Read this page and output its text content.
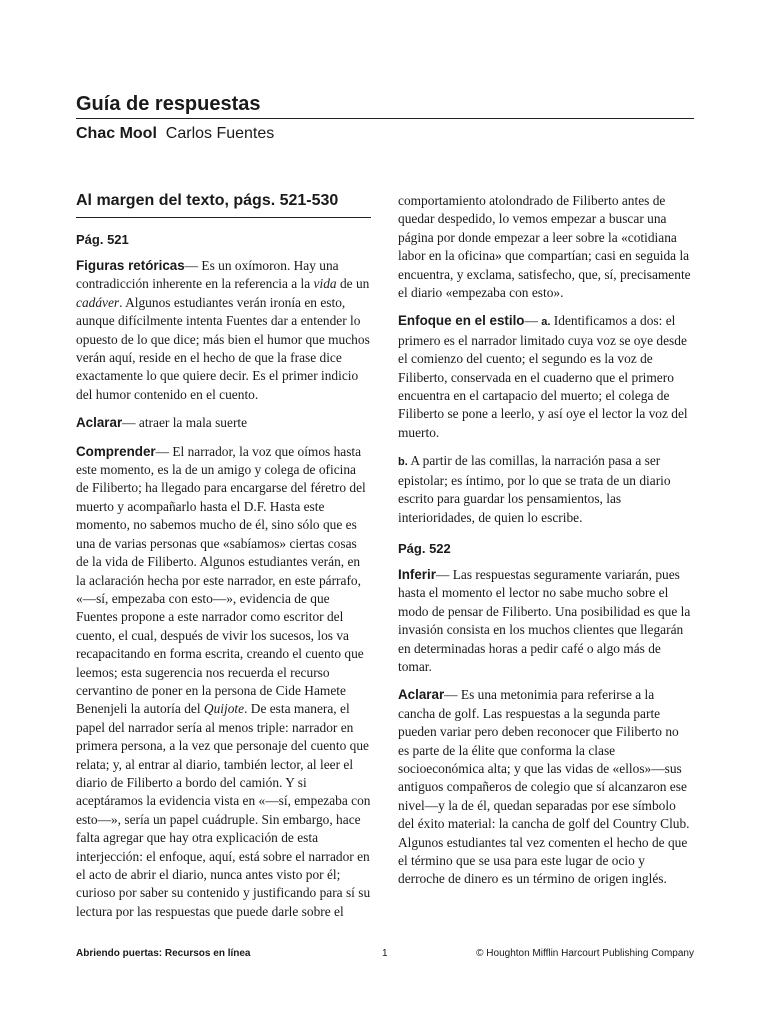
Guía de respuestas
Chac Mool Carlos Fuentes
Al margen del texto, págs. 521-530
Pág. 521

Figuras retóricas— Es un oxímoron. Hay una contradicción inherente en la referencia a la vida de un cadáver. Algunos estudiantes verán ironía en esto, aunque difícilmente intenta Fuentes dar a entender lo opuesto de lo que dice; más bien el humor que muchos verán aquí, reside en el hecho de que la frase dice exactamente lo que quiere decir. Es el primer indicio del humor contenido en el cuento.

Aclarar— atraer la mala suerte

Comprender— El narrador, la voz que oímos hasta este momento, es la de un amigo y colega de oficina de Filiberto; ha llegado para encargarse del féretro del muerto y acompañarlo hasta el D.F. Hasta este momento, no sabemos mucho de él, sino sólo que es una de varias personas que «sabíamos» ciertas cosas de la vida de Filiberto. Algunos estudiantes verán, en la aclaración hecha por este narrador, en este párrafo, «—sí, empezaba con esto—», evidencia de que Fuentes propone a este narrador como escritor del cuento, el cual, después de vivir los sucesos, los va recapacitando en forma escrita, creando el cuento que leemos; esta sugerencia nos recuerda el recurso cervantino de poner en la persona de Cide Hamete Benenjeli la autoría del Quijote. De esta manera, el papel del narrador sería al menos triple: narrador en primera persona, a la vez que personaje del cuento que relata; y, al entrar al diario, también lector, al leer el diario de Filiberto a bordo del camión. Y si aceptáramos la evidencia vista en «—sí, empezaba con esto—», sería un papel cuádruple. Sin embargo, hace falta agregar que hay otra explicación de esta interjección: el enfoque, aquí, está sobre el narrador en el acto de abrir el diario, nunca antes visto por él; curioso por saber su contenido y justificando para sí su lectura por las respuestas que puede darle sobre el

comportamiento atolondrado de Filiberto antes de quedar despedido, lo vemos empezar a buscar una página por donde empezar a leer sobre la «cotidiana labor en la oficina» que compartían; casi en seguida la encuentra, y exclama, satisfecho, que, sí, precisamente el diario «empezaba con esto».

Enfoque en el estilo— a. Identificamos a dos: el primero es el narrador limitado cuya voz se oye desde el comienzo del cuento; el segundo es la voz de Filiberto, conservada en el cuaderno que el primero encuentra en el cartapacio del muerto; el colega de Filiberto se pone a leerlo, y así oye el lector la voz del muerto.

b. A partir de las comillas, la narración pasa a ser epistolar; es íntimo, por lo que se trata de un diario escrito para guardar los pensamientos, las interioridades, de quien lo escribe.

Pág. 522

Inferir— Las respuestas seguramente variarán, pues hasta el momento el lector no sabe mucho sobre el modo de pensar de Filiberto. Una posibilidad es que la invasión consista en los muchos clientes que llegarán en determinadas horas a pedir café o algo más de tomar.

Aclarar— Es una metonimia para referirse a la cancha de golf. Las respuestas a la segunda parte pueden variar pero deben reconocer que Filiberto no es parte de la élite que conforma la clase socioeconómica alta; y que las vidas de «ellos»—sus antiguos compañeros de colegio que sí alcanzaron ese nivel—y la de él, quedan separadas por ese símbolo del éxito material: la cancha de golf del Country Club. Algunos estudiantes tal vez comenten el hecho de que el término que se usa para este lugar de ocio y derroche de dinero es un término de origen inglés.

Abriendo puertas: Recursos en línea	1	© Houghton Mifflin Harcourt Publishing Company
